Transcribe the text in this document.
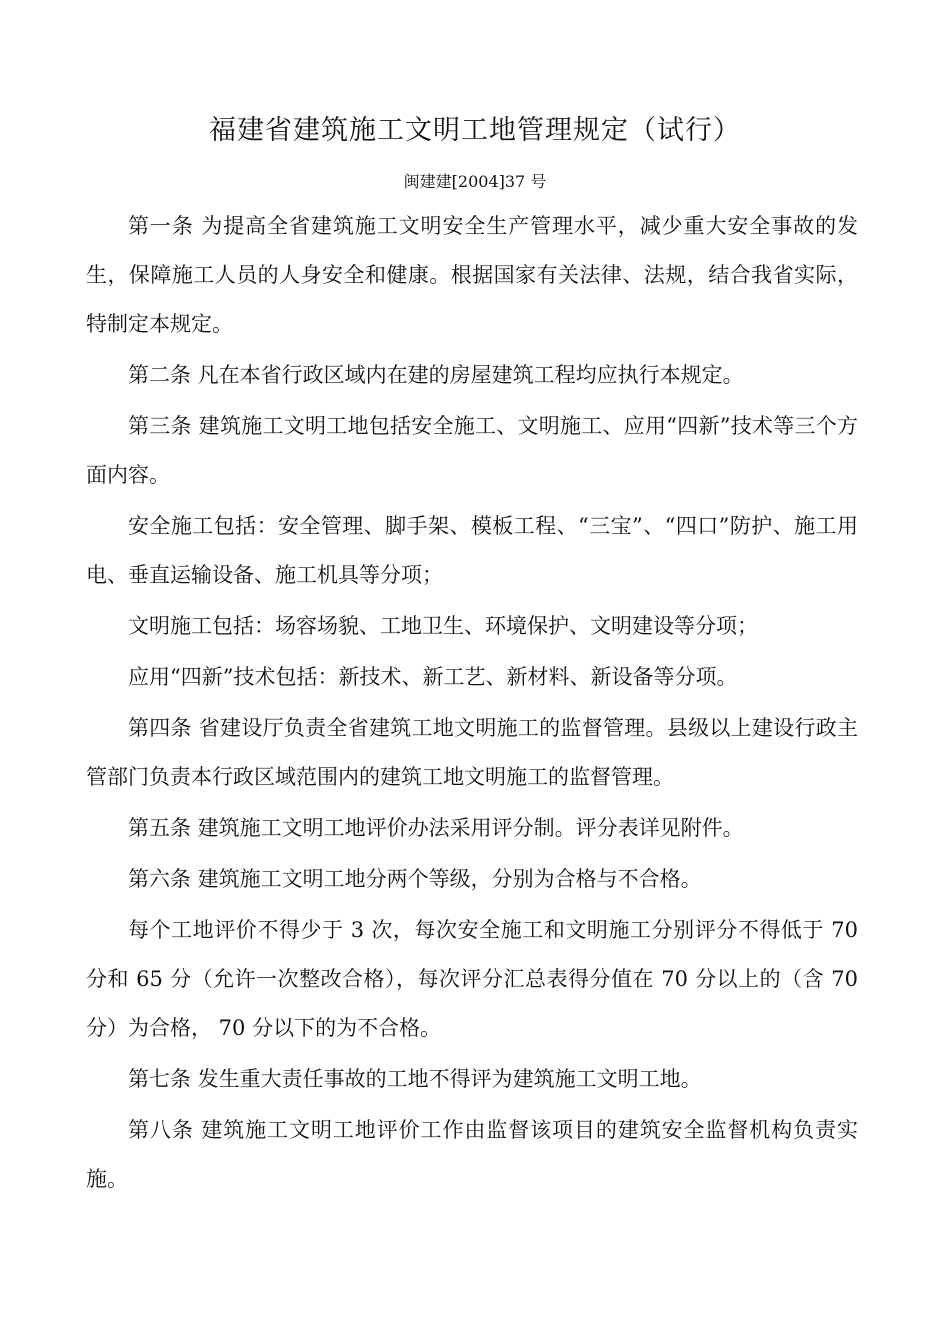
福建省建筑施工文明工地管理规定（试行）
闽建建[2004]37 号

第一条 为提高全省建筑施工文明安全生产管理水平，减少重大安全事故的发生，保障施工人员的人身安全和健康。根据国家有关法律、法规，结合我省实际，特制定本规定。

第二条 凡在本省行政区域内在建的房屋建筑工程均应执行本规定。

第三条 建筑施工文明工地包括安全施工、文明施工、应用“四新”技术等三个方面内容。

安全施工包括：安全管理、脚手架、模板工程、“三宝”、“四口”防护、施工用电、垂直运输设备、施工机具等分项；

文明施工包括：场容场貌、工地卫生、环境保护、文明建设等分项；

应用“四新”技术包括：新技术、新工艺、新材料、新设备等分项。

第四条 省建设厅负责全省建筑工地文明施工的监督管理。县级以上建设行政主管部门负责本行政区域范围内的建筑工地文明施工的监督管理。

第五条 建筑施工文明工地评价办法采用评分制。评分表详见附件。

第六条 建筑施工文明工地分两个等级，分别为合格与不合格。

每个工地评价不得少于 3 次，每次安全施工和文明施工分别评分不得低于 70 分和 65 分（允许一次整改合格），每次评分汇总表得分值在 70 分以上的（含 70 分）为合格， 70 分以下的为不合格。

第七条 发生重大责任事故的工地不得评为建筑施工文明工地。

第八条 建筑施工文明工地评价工作由监督该项目的建筑安全监督机构负责实施。
